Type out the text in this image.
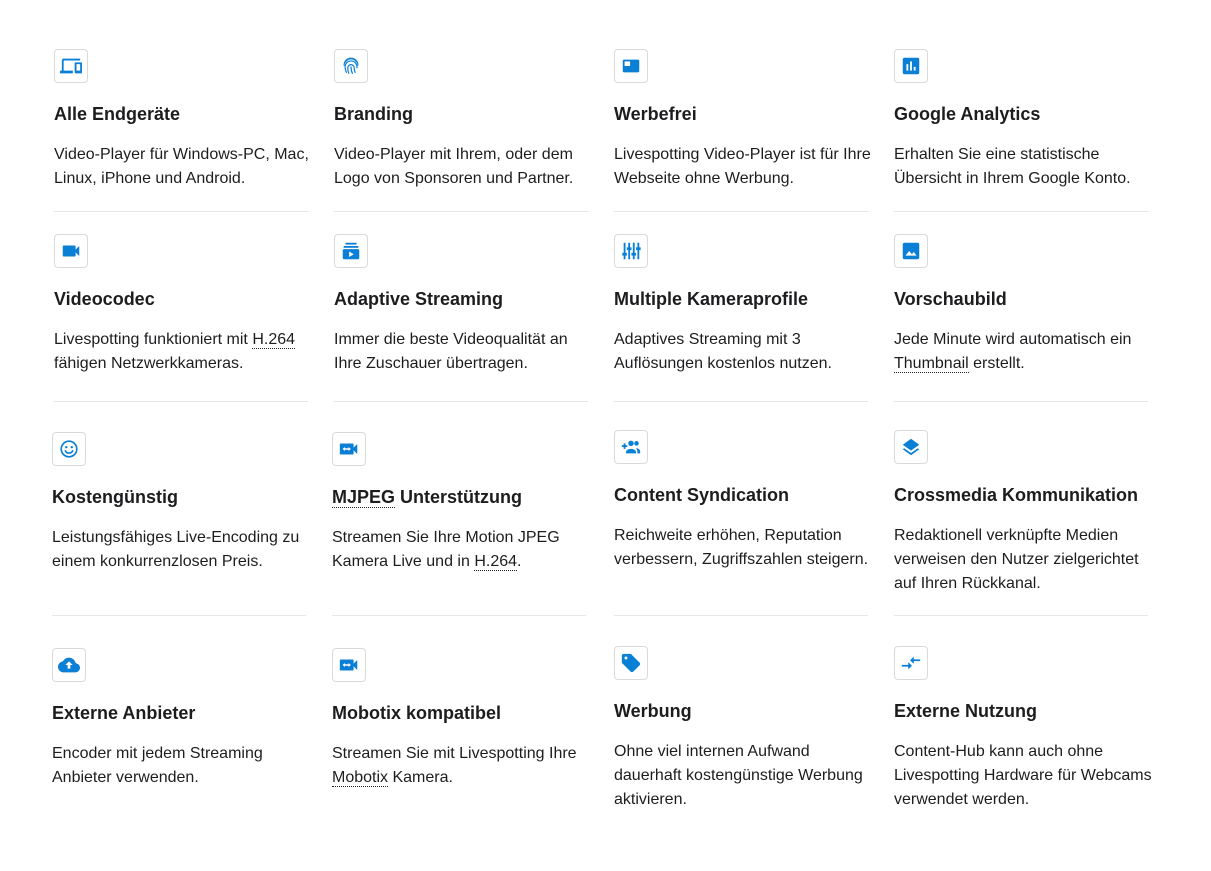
Alle Endgeräte

Video-Player für Windows-PC, Mac, Linux, iPhone und Android.

Branding

Video-Player mit Ihrem, oder dem Logo von Sponsoren und Partner.

Werbefrei

Livespotting Video-Player ist für Ihre Webseite ohne Werbung.

Google Analytics

Erhalten Sie eine statistische Übersicht in Ihrem Google Konto.

Videocodec

Livespotting funktioniert mit H.264 fähigen Netzwerkkameras.

Adaptive Streaming

Immer die beste Videoqualität an Ihre Zuschauer übertragen.

Multiple Kameraprofile

Adaptives Streaming mit 3 Auflösungen kostenlos nutzen.

Vorschaubild

Jede Minute wird automatisch ein Thumbnail erstellt.

Kostengünstig

Leistungsfähiges Live-Encoding zu einem konkurrenzlosen Preis.

MJPEG Unterstützung

Streamen Sie Ihre Motion JPEG Kamera Live und in H.264.

Content Syndication

Reichweite erhöhen, Reputation verbessern, Zugriffszahlen steigern.

Crossmedia Kommunikation

Redaktionell verknüpfte Medien verweisen den Nutzer zielgerichtet auf Ihren Rückkanal.

Externe Anbieter

Encoder mit jedem Streaming Anbieter verwenden.

Mobotix kompatibel

Streamen Sie mit Livespotting Ihre Mobotix Kamera.

Werbung

Ohne viel internen Aufwand dauerhaft kostengünstige Werbung aktivieren.

Externe Nutzung

Content-Hub kann auch ohne Livespotting Hardware für Webcams verwendet werden.
